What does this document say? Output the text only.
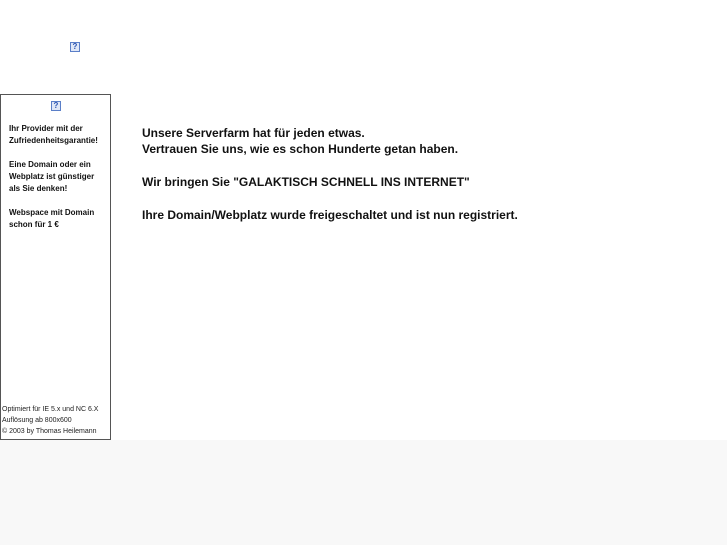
?
?
Ihr Provider mit der
Zufriedenheitsgarantie!
Eine Domain oder ein
Webplatz ist günstiger
als Sie denken!
Webspace mit Domain
schon für 1 €
Optimiert für IE 5.x und NC 6.X
Auflösung ab 800x600
© 2003 by Thomas Heilemann
Unsere Serverfarm hat für jeden etwas.
Vertrauen Sie uns, wie es schon Hunderte getan haben.
Wir bringen Sie "GALAKTISCH SCHNELL INS INTERNET"
Ihre Domain/Webplatz wurde freigeschaltet und ist nun registriert.
